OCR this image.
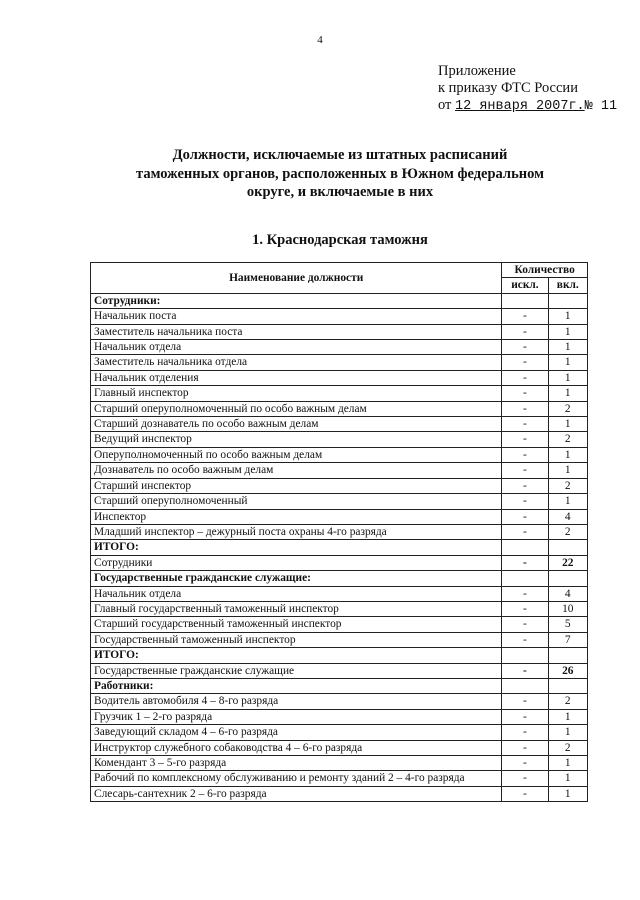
4
Приложение
к приказу ФТС России
от 12 января 2007г.№ 11
Должности, исключаемые из штатных расписаний таможенных органов, расположенных в Южном федеральном округе, и включаемые в них
1. Краснодарская таможня
Наименование должности	Количество	
	искл.	вкл.
Сотрудники:		
Начальник поста	-	1
Заместитель начальника поста	-	1
Начальник отдела	-	1
Заместитель начальника отдела	-	1
Начальник отделения	-	1
Главный инспектор	-	1
Старший оперуполномоченный по особо важным делам	-	2
Старший дознаватель по особо важным делам	-	1
Ведущий инспектор	-	2
Оперуполномоченный по особо важным делам	-	1
Дознаватель по особо важным делам	-	1
Старший инспектор	-	2
Старший оперуполномоченный	-	1
Инспектор	-	4
Младший инспектор – дежурный поста охраны 4-го разряда	-	2
ИТОГО:		
Сотрудники	-	22
Государственные гражданские служащие:		
Начальник отдела	-	4
Главный государственный таможенный инспектор	-	10
Старший государственный таможенный инспектор	-	5
Государственный таможенный инспектор	-	7
ИТОГО:		
Государственные гражданские служащие	-	26
Работники:		
Водитель автомобиля 4 – 8-го разряда	-	2
Грузчик 1 – 2-го разряда	-	1
Заведующий складом 4 – 6-го разряда	-	1
Инструктор служебного собаководства 4 – 6-го разряда	-	2
Комендант 3 – 5-го разряда	-	1
Рабочий по комплексному обслуживанию и ремонту зданий 2 – 4-го разряда	-	1
Слесарь-сантехник 2 – 6-го разряда	-	1
